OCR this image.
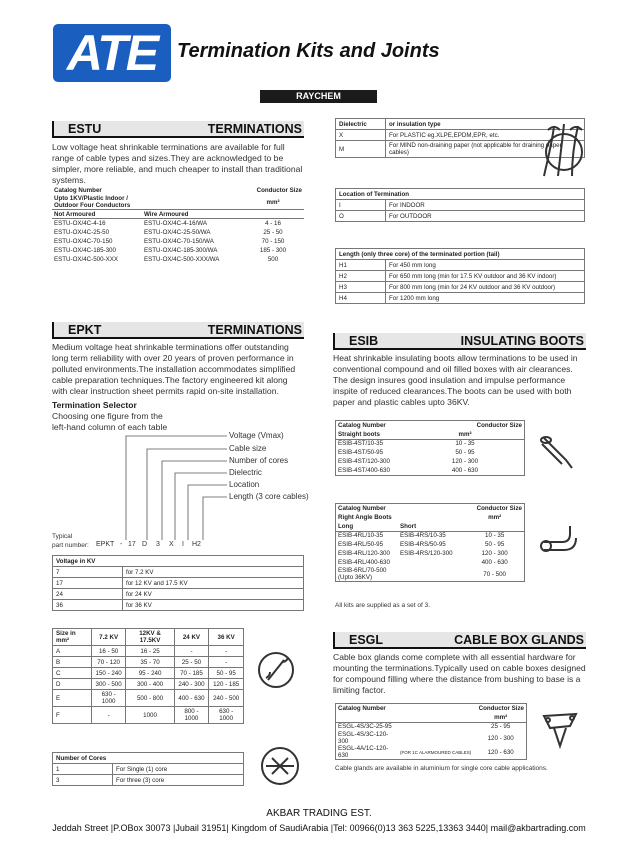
ATE Termination Kits and Joints
RAYCHEM
ESTU	TERMINATIONS
Low voltage heat shrinkable terminations are available for full range of cable types and sizes.They are acknowledged to be simpler, more reliable, and much cheaper to install than traditional systems.
Catalog Number		Conductor Size
Upto 1KV/Plastic Indoor / Outdoor Four Conductors		mm²
Not Armoured	Wire Armoured	
ESTU-OX/4C-4-16	ESTU-OX/4C-4-16/WA	4 - 16
ESTU-OX/4C-25-50	ESTU-OX/4C-25-50/WA	25 - 50
ESTU-OX/4C-70-150	ESTU-OX/4C-70-150/WA	70 - 150
ESTU-OX/4C-185-300	ESTU-OX/4C-185-300/WA	185 - 300
ESTU-OX/4C-500-XXX	ESTU-OX/4C-500-XXX/WA	500
Dielectric	or insulation type
X	For PLASTIC eg.XLPE,EPDM,EPR, etc.
M	For MIND non-draining paper (not applicable for draining paper cables)
Location of Termination	
I	For INDOOR
O	For OUTDOOR
Length (only three core) of the terminated portion (tail)	
H1	For 450 mm long
H2	For 650 mm long (min for 17.5 KV outdoor and 36 KV indoor)
H3	For 800 mm long (min for 24 KV outdoor and 36 KV outdoor)
H4	For 1200 mm long
EPKT	TERMINATIONS
Medium voltage heat shrinkable terminations offer outstanding long term reliability with over 20 years of proven performance in polluted environments.The installation accommodates simplified cable preparation techniques.The factory engineered kit along with clear instruction sheet permits rapid on-site installation.
Termination Selector
Choosing one figure from the
left-hand column of each table
Voltage (Vmax)
Cable size
Number of cores
Dielectric
Location
Length (3 core cables)
Typical
part number: EPKT - 17 D	3	X	I	H2
Voltage in KV	
7	for 7.2 KV
17	for 12 KV and 17.5 KV
24	for 24 KV
36	for 36 KV
Size in mm²	7.2 KV	12KV & 17.5KV	24 KV	36 KV
A	16 - 50	16 - 25	-	-
B	70 - 120	35 - 70	25 - 50	-
C	150 - 240	95 - 240	70 - 185	50 - 95
D	300 - 500	300 - 400	240 - 300	120 - 185
E	630 - 1000	500 - 800	400 - 630	240 - 500
F	-	1000	800 - 1000	630 - 1000
Number of Cores	
1	For Single (1) core
3	For three (3) core
ESIB	INSULATING BOOTS
Heat shrinkable insulating boots allow terminations to be used in conventional compound and oil filled boxes with air clearances. The design insures good insulation and impulse performance inspite of reduced clearances.The boots can be used with both paper and plastic cables upto 36KV.
Catalog Number	Conductor Size
Straight boots	mm²
ESIB-4ST/10-35	10 - 35
ESIB-4ST/50-95	50 - 95
ESIB-4ST/120-300	120 - 300
ESIB-4ST/400-630	400 - 630
Catalog Number		Conductor Size
Right Angle Boots		mm²
Long	Short	
ESIB-4RL/10-35	ESIB-4RS/10-35	10 - 35
ESIB-4RL/50-95	ESIB-4RS/50-95	50 - 95
ESIB-4RL/120-300	ESIB-4RS/120-300	120 - 300
ESIB-4RL/400-630		400 - 630
ESIB-6RL/70-500 (Upto 36KV)		70 - 500
All kits are supplied as a set of 3.
ESGL	CABLE BOX GLANDS
Cable box glands come complete with all essential hardware for mounting the terminations.Typically used on cable boxes designed for compound filling where the distance from bushing to base is a limiting factor.
Catalog Number		Conductor Size
		mm²
ESGL-4S/3C-25-95		25 - 95
ESGL-4S/3C-120-300		120 - 300
ESGL-4A/1C-120-630	(FOR 1C ALARMOURED CABLES)	120 - 630
Cable glands are available in aluminium for single core cable applications.
AKBAR TRADING EST.
Jeddah Street |P.OBox 30073 |Jubail 31951| Kingdom of SaudiArabia |Tel: 00966(0)13 363 5225,13363 3440| mail@akbartrading.com
